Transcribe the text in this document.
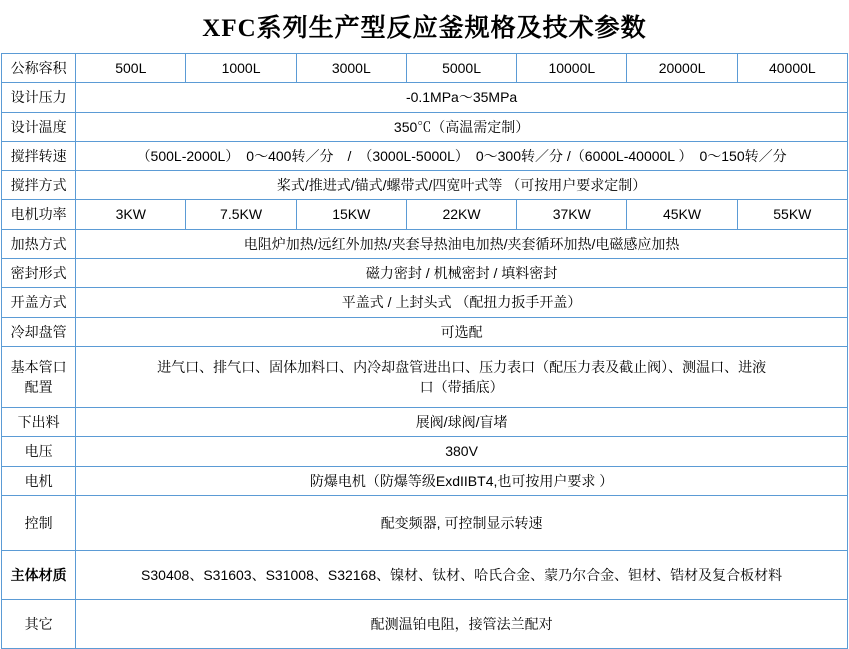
XFC系列生产型反应釜规格及技术参数
公称容积	500L	1000L	3000L	5000L	10000L	20000L	40000L
设计压力	-0.1MPa～35MPa						
设计温度	350℃（高温需定制）						
搅拌转速	（500L-2000L）　0～400转／分　/　（3000L-5000L）　0～300转／分 /（6000L-40000L ）　0～150转／分						
搅拌方式	桨式/推进式/锚式/螺带式/四宽叶式等 （可按用户要求定制）						
电机功率	3KW	7.5KW	15KW	22KW	37KW	45KW	55KW
加热方式	电阻炉加热/远红外加热/夹套导热油电加热/夹套循环加热/电磁感应加热						
密封形式	磁力密封 / 机械密封 / 填料密封						
开盖方式	平盖式 / 上封头式 （配扭力扳手开盖）						
冷却盘管	可选配						
基本管口配置	进气口、排气口、固体加料口、内冷却盘管进出口、压力表口（配压力表及截止阀）、测温口、进液口（带插底）						
下出料	展阀/球阀/盲堵						
电压	380V						
电机	防爆电机（防爆等级ExdIIBT4,也可按用户要求 ）						
控制	配变频器, 可控制显示转速						
主体材质	S30408、S31603、S31008、S32168、镍材、钛材、哈氏合金、蒙乃尔合金、钽材、锆材及复合板材料						
其它	配测温铂电阻，接管法兰配对						
